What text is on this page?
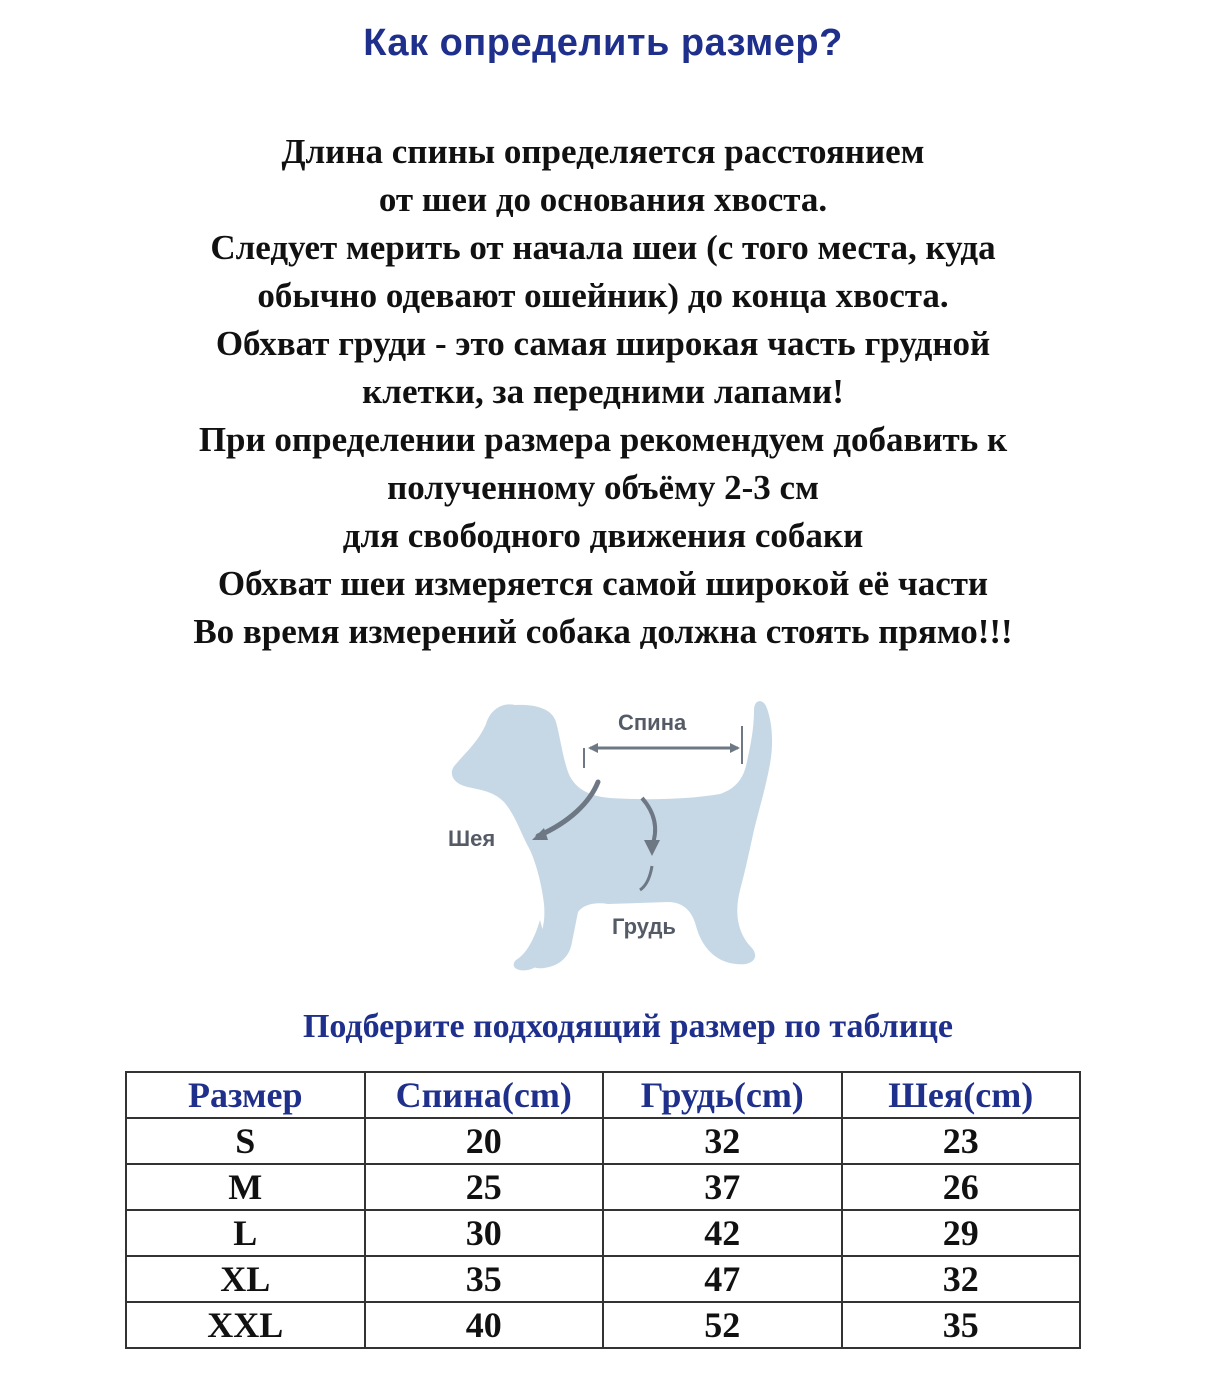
Как определить размер?
Длина спины определяется расстоянием
от шеи до основания хвоста.
Следует мерить от начала шеи (с того места, куда
обычно одевают ошейник) до конца хвоста.
Обхват груди - это самая широкая часть грудной
клетки, за передними лапами!
При определении размера рекомендуем добавить к
полученному объёму 2-3 см
для свободного движения собаки
Обхват шеи измеряется самой широкой её части
Во время измерений собака должна стоять прямо!!!
Спина
Шея
Грудь
Подберите подходящий размер по таблице
Размер	Спина(cm)	Грудь(cm)	Шея(cm)
S	20	32	23
M	25	37	26
L	30	42	29
XL	35	47	32
XXL	40	52	35
